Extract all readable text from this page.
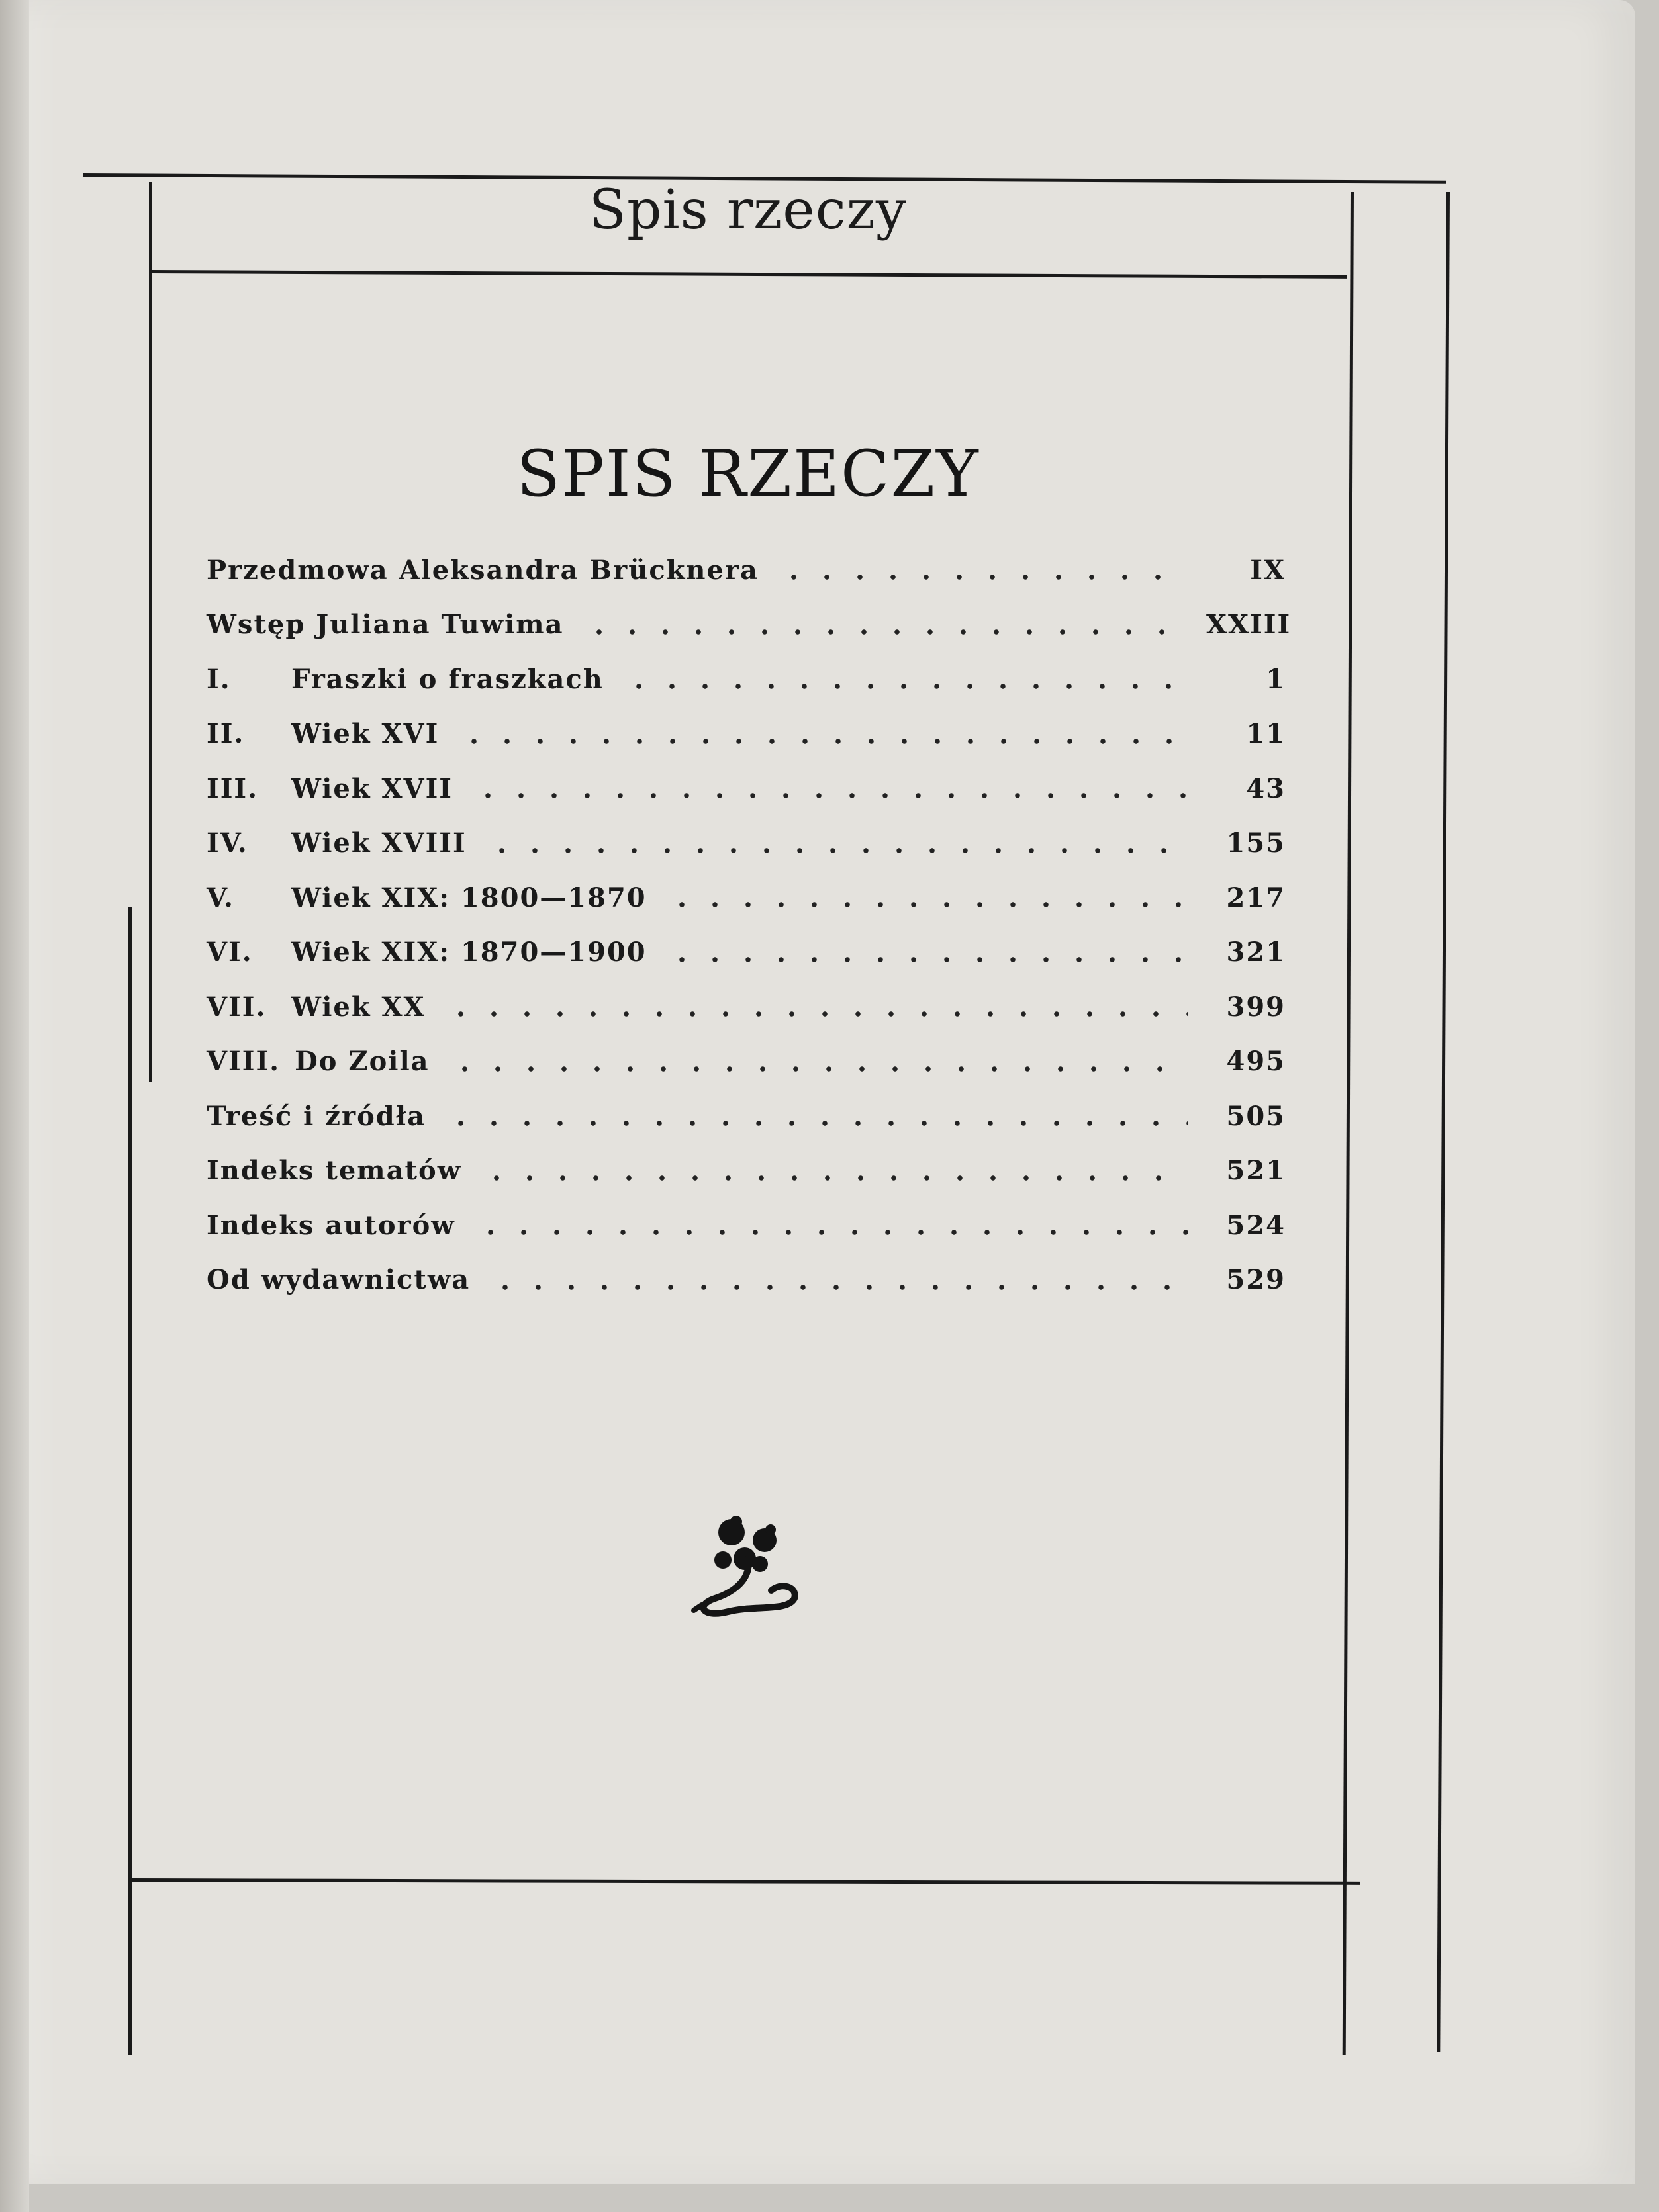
Spis rzeczy
SPIS RZECZY
Przedmowa Aleksandra Brücknera	IX
Wstęp Juliana Tuwima	XXIII
I.	Fraszki o fraszkach	1
II.	Wiek XVI	11
III.	Wiek XVII	43
IV.	Wiek XVIII	155
V.	Wiek XIX: 1800—1870	217
VI.	Wiek XIX: 1870—1900	321
VII. Wiek XX	399
VIII. Do Zoila	495
Treść i źródła	505
Indeks tematów	521
Indeks autorów	524
Od wydawnictwa	529
